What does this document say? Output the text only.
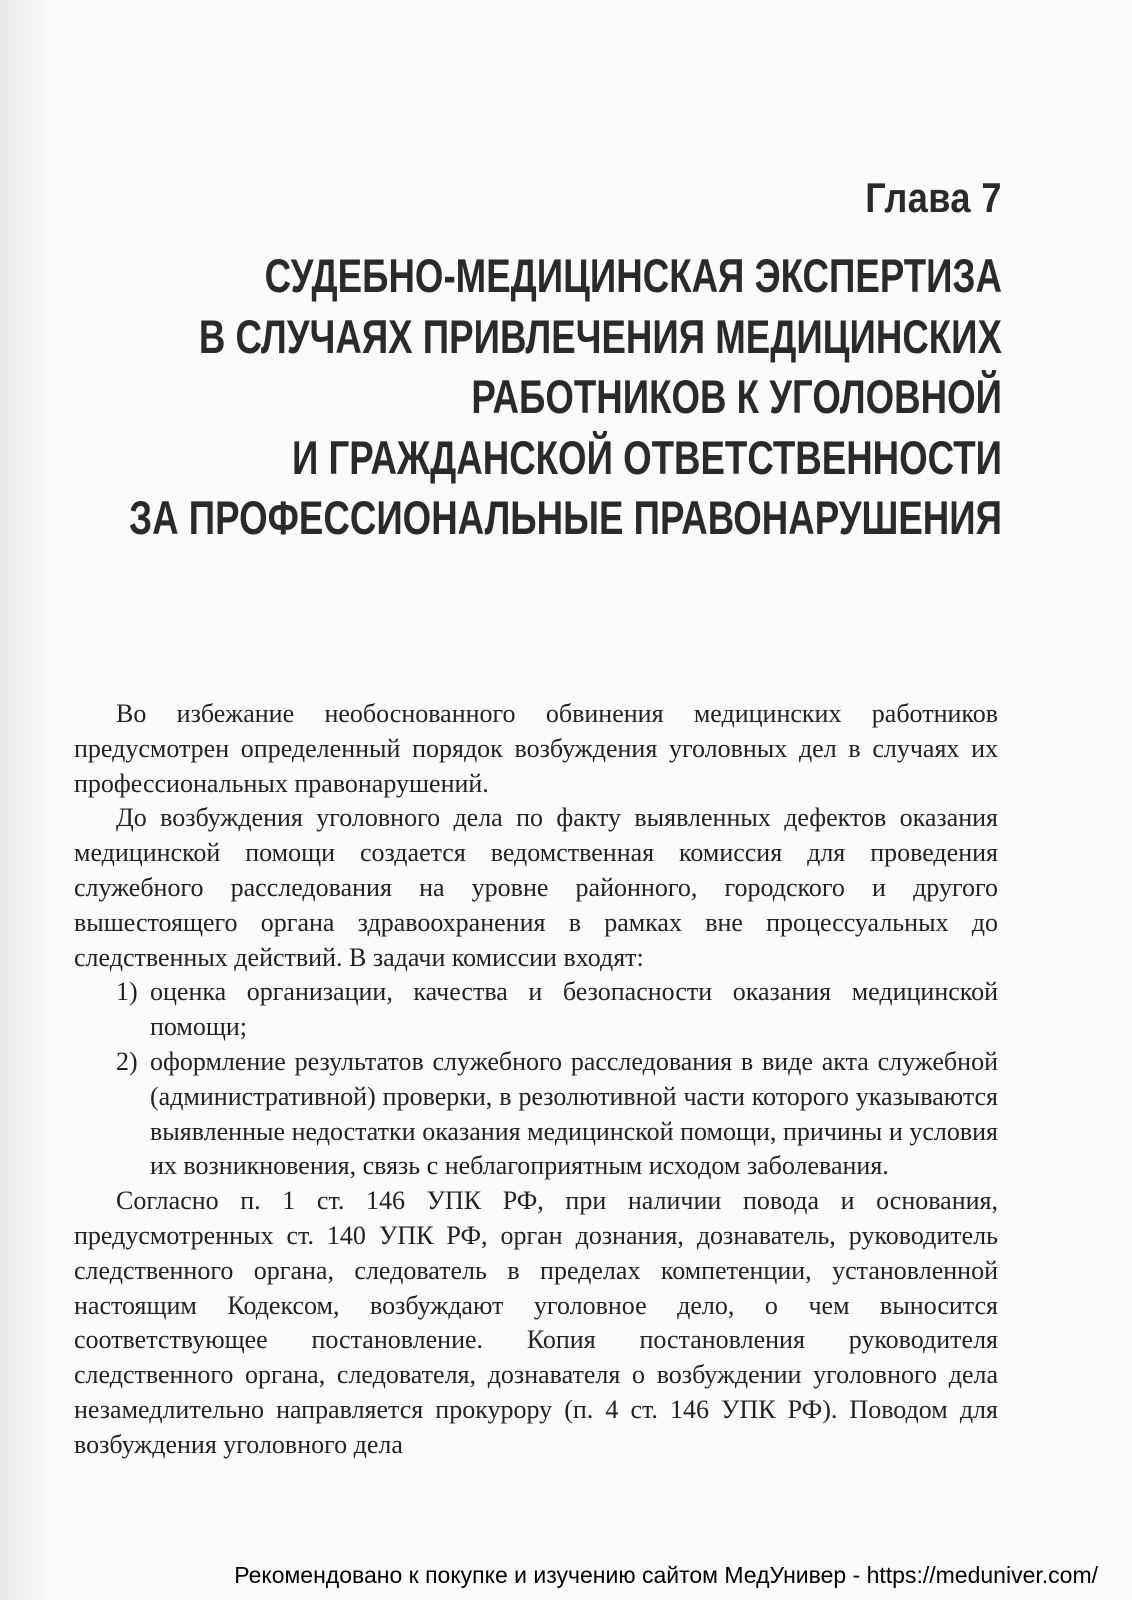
Глава 7
СУДЕБНО-МЕДИЦИНСКАЯ ЭКСПЕРТИЗА
В СЛУЧАЯХ ПРИВЛЕЧЕНИЯ МЕДИЦИНСКИХ
РАБОТНИКОВ К УГОЛОВНОЙ
И ГРАЖДАНСКОЙ ОТВЕТСТВЕННОСТИ
ЗА ПРОФЕССИОНАЛЬНЫЕ ПРАВОНАРУШЕНИЯ

Во избежание необоснованного обвинения медицинских работников предусмотрен определенный порядок возбуждения уголовных дел в случаях их профессиональных правонарушений.

До возбуждения уголовного дела по факту выявленных дефектов оказания медицинской помощи создается ведомственная комиссия для проведения служебного расследования на уровне районного, городского и другого вышестоящего органа здравоохранения в рамках вне процессуальных до следственных действий. В задачи комиссии входят:

1) оценка организации, качества и безопасности оказания медицинской помощи;
2) оформление результатов служебного расследования в виде акта служебной (административной) проверки, в резолютивной части которого указываются выявленные недостатки оказания медицинской помощи, причины и условия их возникновения, связь с неблагоприятным исходом заболевания.

Согласно п. 1 ст. 146 УПК РФ, при наличии повода и основания, предусмотренных ст. 140 УПК РФ, орган дознания, дознаватель, руководитель следственного органа, следователь в пределах компетенции, установленной настоящим Кодексом, возбуждают уголовное дело, о чем выносится соответствующее постановление. Копия постановления руководителя следственного органа, следователя, дознавателя о возбуждении уголовного дела незамедлительно направляется прокурору (п. 4 ст. 146 УПК РФ). Поводом для возбуждения уголовного дела

Рекомендовано к покупке и изучению сайтом МедУнивер - https://meduniver.com/
